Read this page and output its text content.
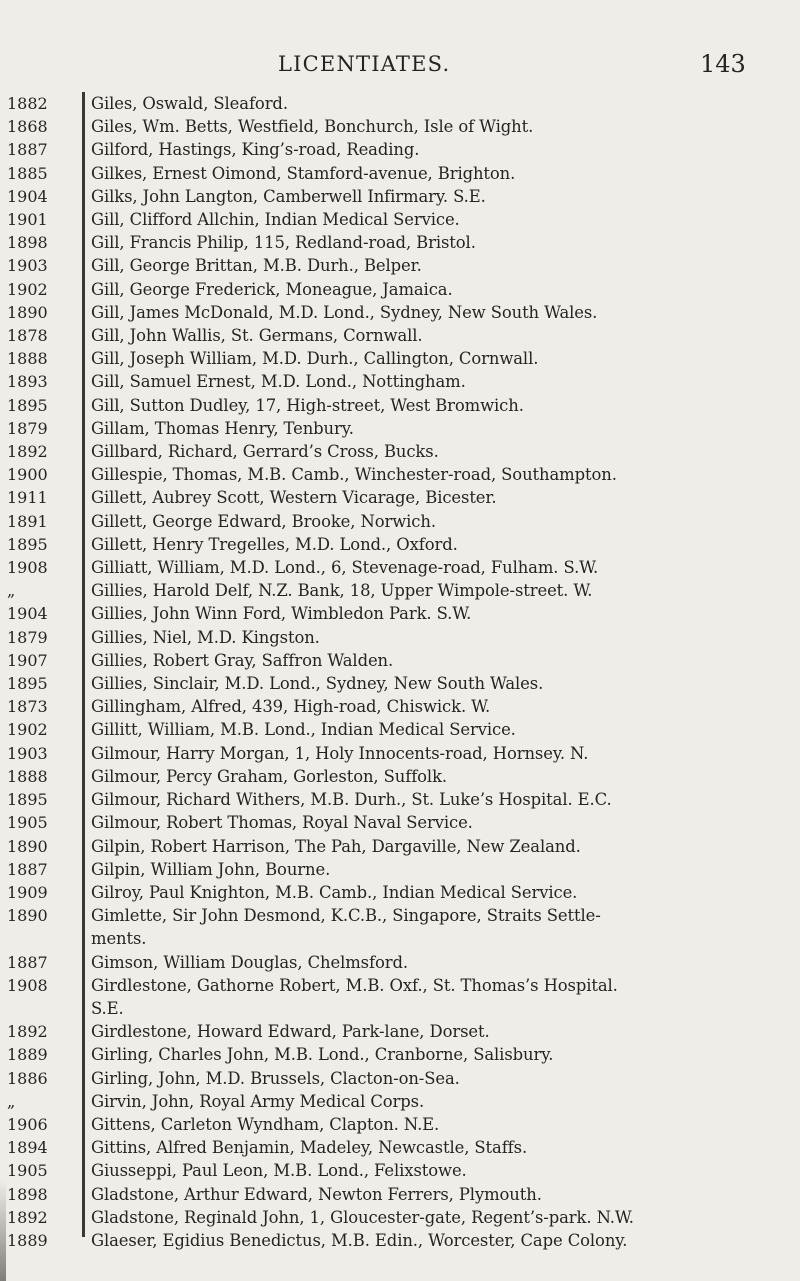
LICENTIATES.	143
1882	Giles, Oswald, Sleaford.
1868	Giles, Wm. Betts, Westfield, Bonchurch, Isle of Wight.
1887	Gilford, Hastings, King’s-road, Reading.
1885	Gilkes, Ernest Oimond, Stamford-avenue, Brighton.
1904	Gilks, John Langton, Camberwell Infirmary. S.E.
1901	Gill, Clifford Allchin, Indian Medical Service.
1898	Gill, Francis Philip, 115, Redland-road, Bristol.
1903	Gill, George Brittan, M.B. Durh., Belper.
1902	Gill, George Frederick, Moneague, Jamaica.
1890	Gill, James McDonald, M.D. Lond., Sydney, New South Wales.
1878	Gill, John Wallis, St. Germans, Cornwall.
1888	Gill, Joseph William, M.D. Durh., Callington, Cornwall.
1893	Gill, Samuel Ernest, M.D. Lond., Nottingham.
1895	Gill, Sutton Dudley, 17, High-street, West Bromwich.
1879	Gillam, Thomas Henry, Tenbury.
1892	Gillbard, Richard, Gerrard’s Cross, Bucks.
1900	Gillespie, Thomas, M.B. Camb., Winchester-road, Southampton.
1911	Gillett, Aubrey Scott, Western Vicarage, Bicester.
1891	Gillett, George Edward, Brooke, Norwich.
1895	Gillett, Henry Tregelles, M.D. Lond., Oxford.
1908	Gilliatt, William, M.D. Lond., 6, Stevenage-road, Fulham. S.W.
„	Gillies, Harold Delf, N.Z. Bank, 18, Upper Wimpole-street. W.
1904	Gillies, John Winn Ford, Wimbledon Park. S.W.
1879	Gillies, Niel, M.D. Kingston.
1907	Gillies, Robert Gray, Saffron Walden.
1895	Gillies, Sinclair, M.D. Lond., Sydney, New South Wales.
1873	Gillingham, Alfred, 439, High-road, Chiswick. W.
1902	Gillitt, William, M.B. Lond., Indian Medical Service.
1903	Gilmour, Harry Morgan, 1, Holy Innocents-road, Hornsey. N.
1888	Gilmour, Percy Graham, Gorleston, Suffolk.
1895	Gilmour, Richard Withers, M.B. Durh., St. Luke’s Hospital. E.C.
1905	Gilmour, Robert Thomas, Royal Naval Service.
1890	Gilpin, Robert Harrison, The Pah, Dargaville, New Zealand.
1887	Gilpin, William John, Bourne.
1909	Gilroy, Paul Knighton, M.B. Camb., Indian Medical Service.
1890	Gimlette, Sir John Desmond, K.C.B., Singapore, Straits Settle-
ments.
1887	Gimson, William Douglas, Chelmsford.
1908	Girdlestone, Gathorne Robert, M.B. Oxf., St. Thomas’s Hospital.
S.E.
1892	Girdlestone, Howard Edward, Park-lane, Dorset.
1889	Girling, Charles John, M.B. Lond., Cranborne, Salisbury.
1886	Girling, John, M.D. Brussels, Clacton-on-Sea.
„	Girvin, John, Royal Army Medical Corps.
1906	Gittens, Carleton Wyndham, Clapton. N.E.
1894	Gittins, Alfred Benjamin, Madeley, Newcastle, Staffs.
1905	Giusseppi, Paul Leon, M.B. Lond., Felixstowe.
1898	Gladstone, Arthur Edward, Newton Ferrers, Plymouth.
1892	Gladstone, Reginald John, 1, Gloucester-gate, Regent’s-park. N.W.
1889	Glaeser, Egidius Benedictus, M.B. Edin., Worcester, Cape Colony.
